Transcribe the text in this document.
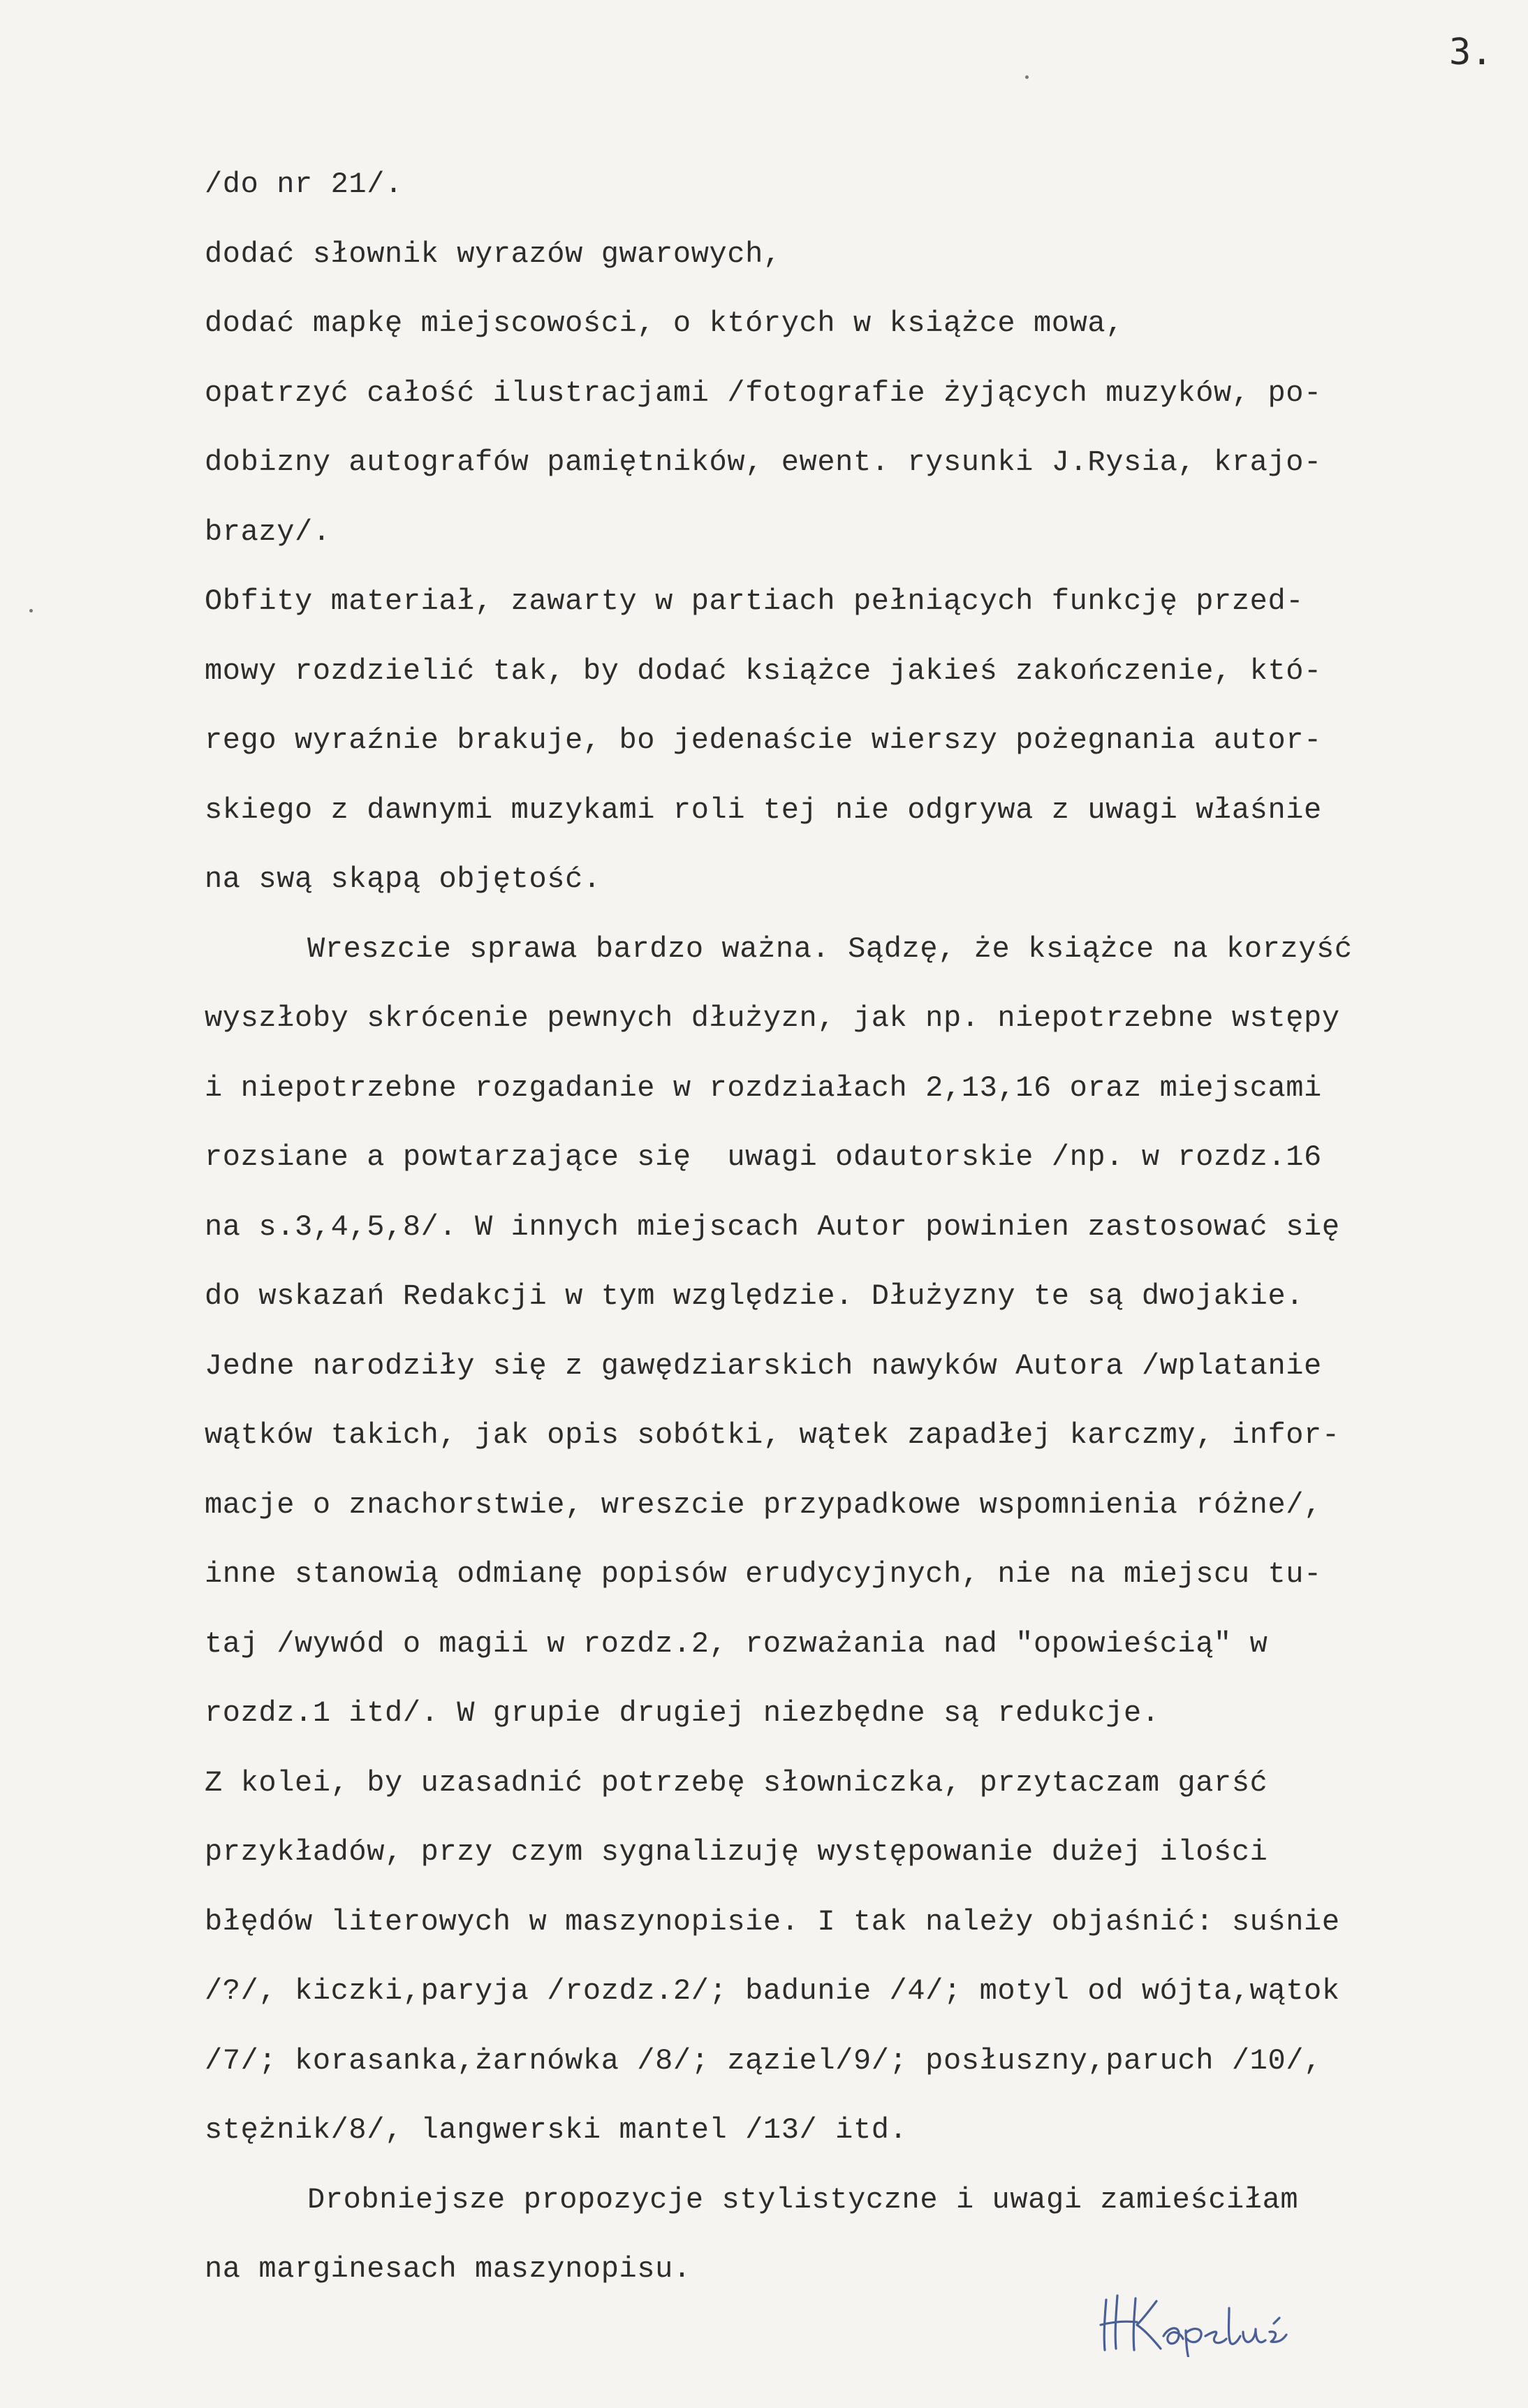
3.

/do nr 21/.
dodać słownik wyrazów gwarowych,
dodać mapkę miejscowości, o których w książce mowa,
opatrzyć całość ilustracjami /fotografie żyjących muzyków, po-
dobizny autografów pamiętników, ewent. rysunki J.Rysia, krajo-
brazy/.
Obfity materiał, zawarty w partiach pełniących funkcję przed-
mowy rozdzielić tak, by dodać książce jakieś zakończenie, któ-
rego wyraźnie brakuje, bo jedenaście wierszy pożegnania autor-
skiego z dawnymi muzykami roli tej nie odgrywa z uwagi właśnie
na swą skąpą objętość.
Wreszcie sprawa bardzo ważna. Sądzę, że książce na korzyść
wyszłoby skrócenie pewnych dłużyzn, jak np. niepotrzebne wstępy
i niepotrzebne rozgadanie w rozdziałach 2,13,16 oraz miejscami
rozsiane a powtarzające się  uwagi odautorskie /np. w rozdz.16
na s.3,4,5,8/. W innych miejscach Autor powinien zastosować się
do wskazań Redakcji w tym względzie. Dłużyzny te są dwojakie.
Jedne narodziły się z gawędziarskich nawyków Autora /wplatanie
wątków takich, jak opis sobótki, wątek zapadłej karczmy, infor-
macje o znachorstwie, wreszcie przypadkowe wspomnienia różne/,
inne stanowią odmianę popisów erudycyjnych, nie na miejscu tu-
taj /wywód o magii w rozdz.2, rozważania nad "opowieścią" w
rozdz.1 itd/. W grupie drugiej niezbędne są redukcje.
Z kolei, by uzasadnić potrzebę słowniczka, przytaczam garść
przykładów, przy czym sygnalizuję występowanie dużej ilości
błędów literowych w maszynopisie. I tak należy objaśnić: suśnie
/?/, kiczki,paryja /rozdz.2/; badunie /4/; motyl od wójta,wątok
/7/; korasanka,żarnówka /8/; ząziel/9/; posłuszny,paruch /10/,
stężnik/8/, langwerski mantel /13/ itd.
Drobniejsze propozycje stylistyczne i uwagi zamieściłam
na marginesach maszynopisu.
